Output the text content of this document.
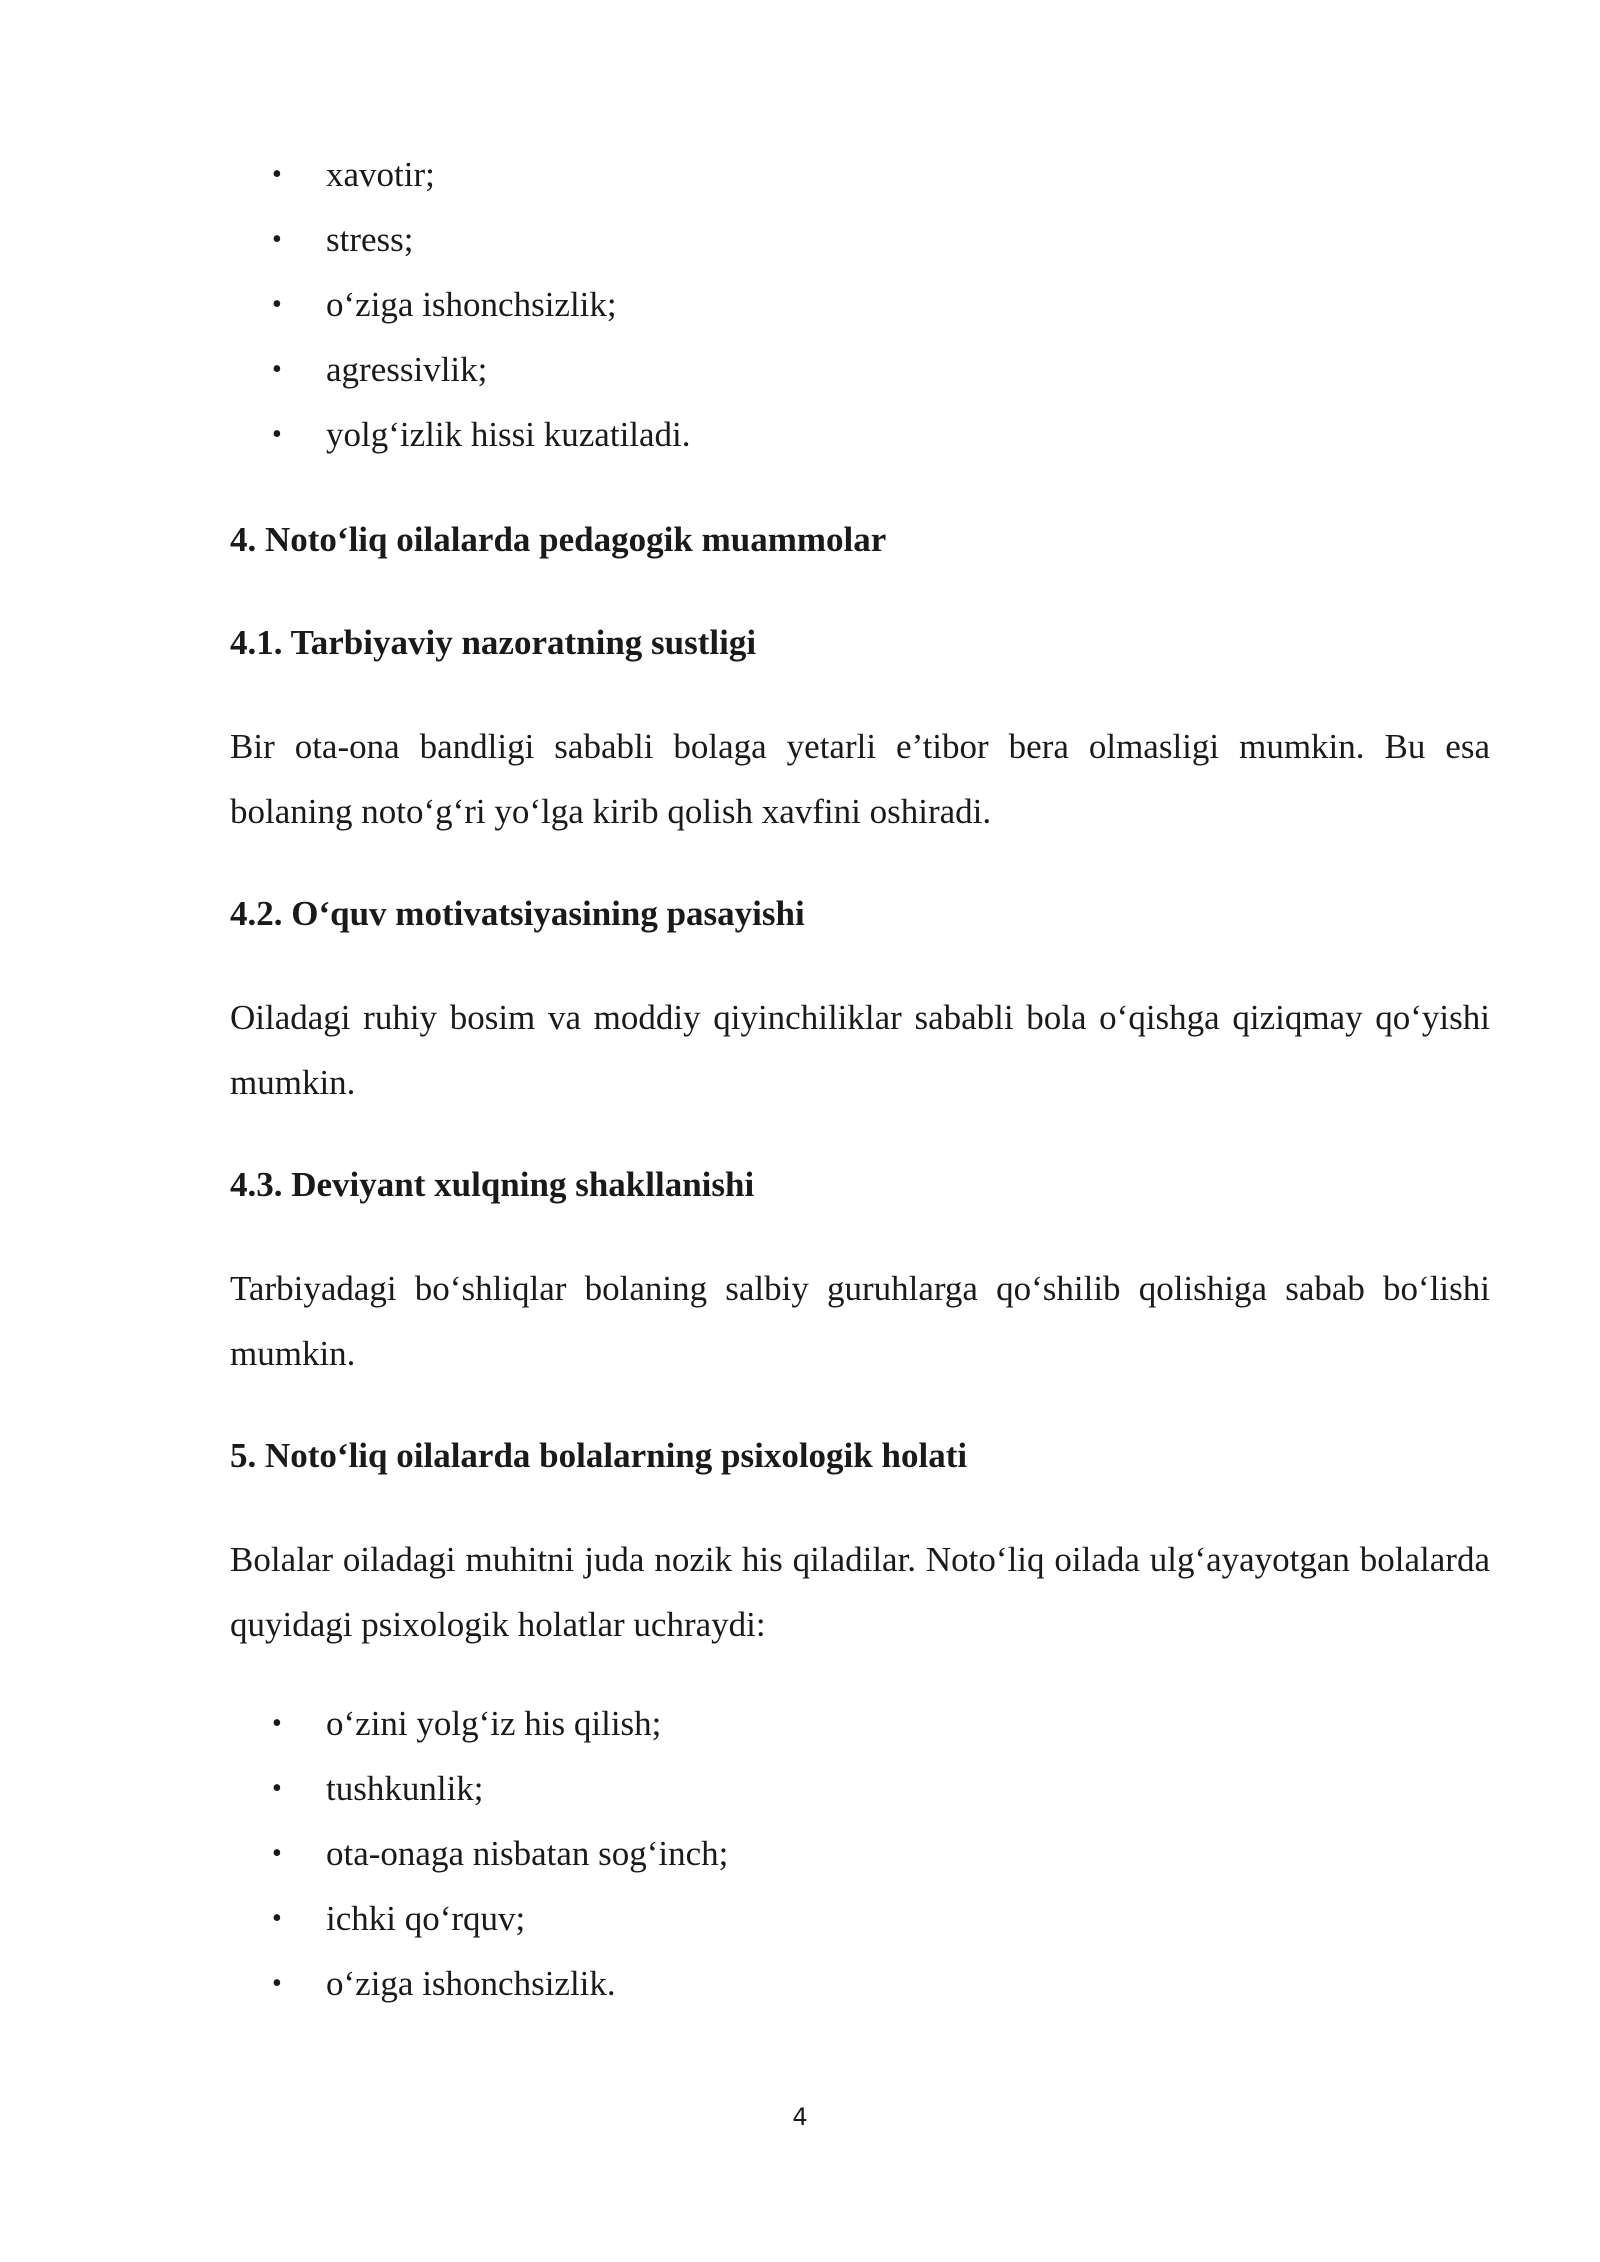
• xavotir;
• stress;
• o‘ziga ishonchsizlik;
• agressivlik;
• yolg‘izlik hissi kuzatiladi.
4. Noto‘liq oilalarda pedagogik muammolar
4.1. Tarbiyaviy nazoratning sustligi

Bir ota-ona bandligi sababli bolaga yetarli e’tibor bera olmasligi mumkin. Bu esa bolaning noto‘g‘ri yo‘lga kirib qolish xavfini oshiradi.

4.2. O‘quv motivatsiyasining pasayishi

Oiladagi ruhiy bosim va moddiy qiyinchiliklar sababli bola o‘qishga qiziqmay qo‘yishi mumkin.

4.3. Deviyant xulqning shakllanishi

Tarbiyadagi bo‘shliqlar bolaning salbiy guruhlarga qo‘shilib qolishiga sabab bo‘lishi mumkin.

5. Noto‘liq oilalarda bolalarning psixologik holati

Bolalar oiladagi muhitni juda nozik his qiladilar. Noto‘liq oilada ulg‘ayayotgan bolalarda quyidagi psixologik holatlar uchraydi:

• o‘zini yolg‘iz his qilish;
• tushkunlik;
• ota-onaga nisbatan sog‘inch;
• ichki qo‘rquv;
• o‘ziga ishonchsizlik.
4
